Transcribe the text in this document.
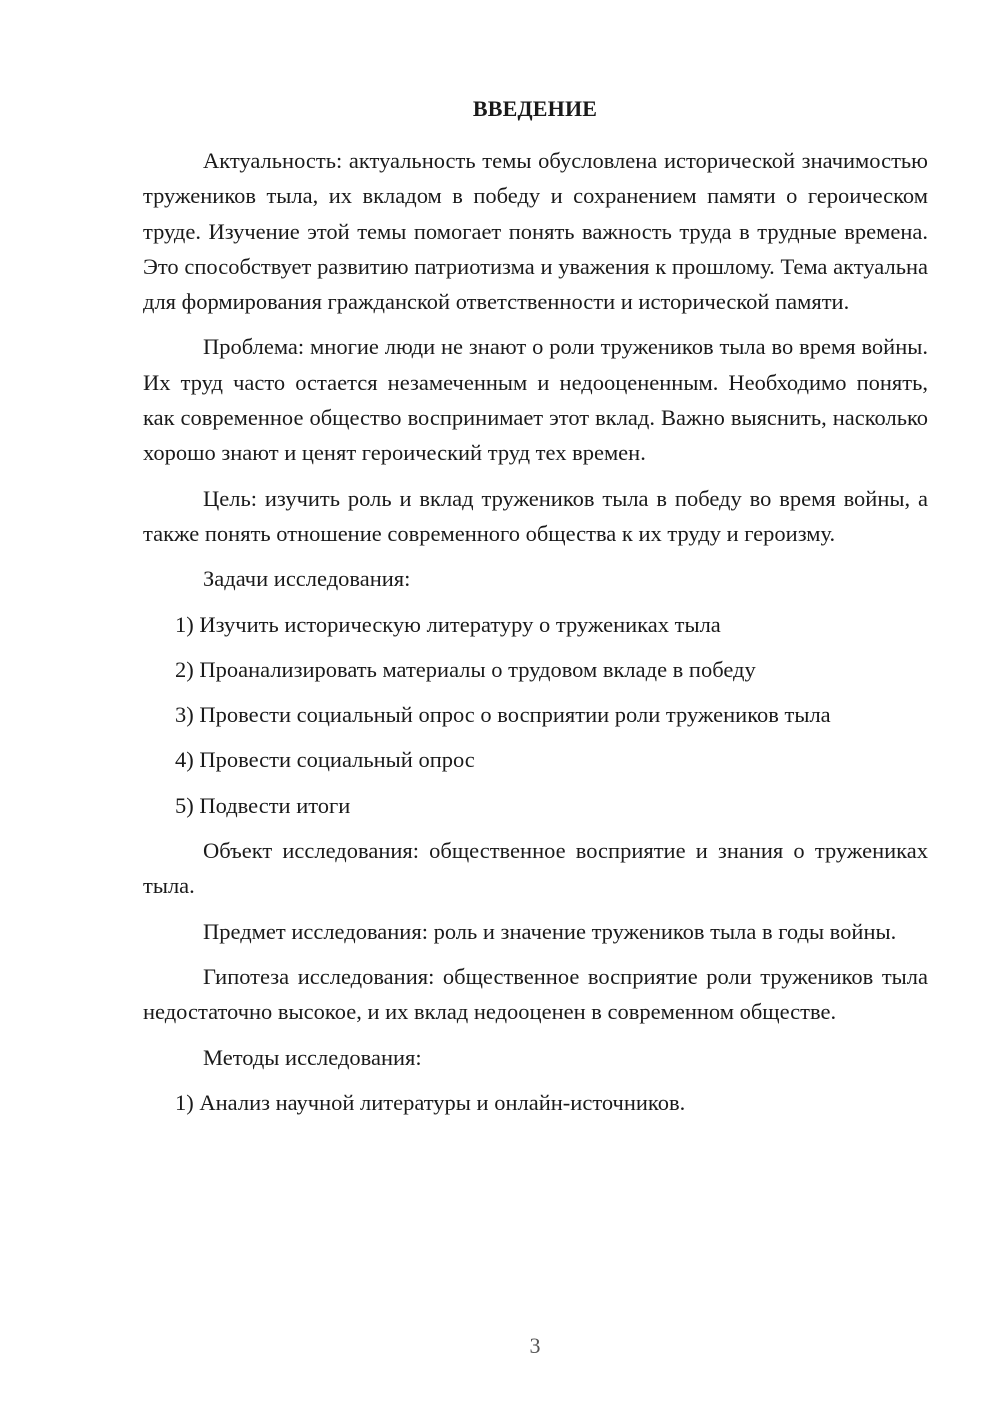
ВВЕДЕНИЕ

Актуальность: актуальность темы обусловлена исторической значимостью тружеников тыла, их вкладом в победу и сохранением памяти о героическом труде. Изучение этой темы помогает понять важность труда в трудные времена. Это способствует развитию патриотизма и уважения к прошлому. Тема актуальна для формирования гражданской ответственности и исторической памяти.

Проблема: многие люди не знают о роли тружеников тыла во время войны. Их труд часто остается незамеченным и недооцененным. Необходимо понять, как современное общество воспринимает этот вклад. Важно выяснить, насколько хорошо знают и ценят героический труд тех времен.

Цель: изучить роль и вклад тружеников тыла в победу во время войны, а также понять отношение современного общества к их труду и героизму.

Задачи исследования:

1) Изучить историческую литературу о тружениках тыла
2) Проанализировать материалы о трудовом вкладе в победу
3) Провести социальный опрос о восприятии роли тружеников тыла
4) Провести социальный опрос
5) Подвести итоги

Объект исследования: общественное восприятие и знания о тружениках тыла.

Предмет исследования: роль и значение тружеников тыла в годы войны.

Гипотеза исследования: общественное восприятие роли тружеников тыла недостаточно высокое, и их вклад недооценен в современном обществе.

Методы исследования:

1) Анализ научной литературы и онлайн-источников.
3
